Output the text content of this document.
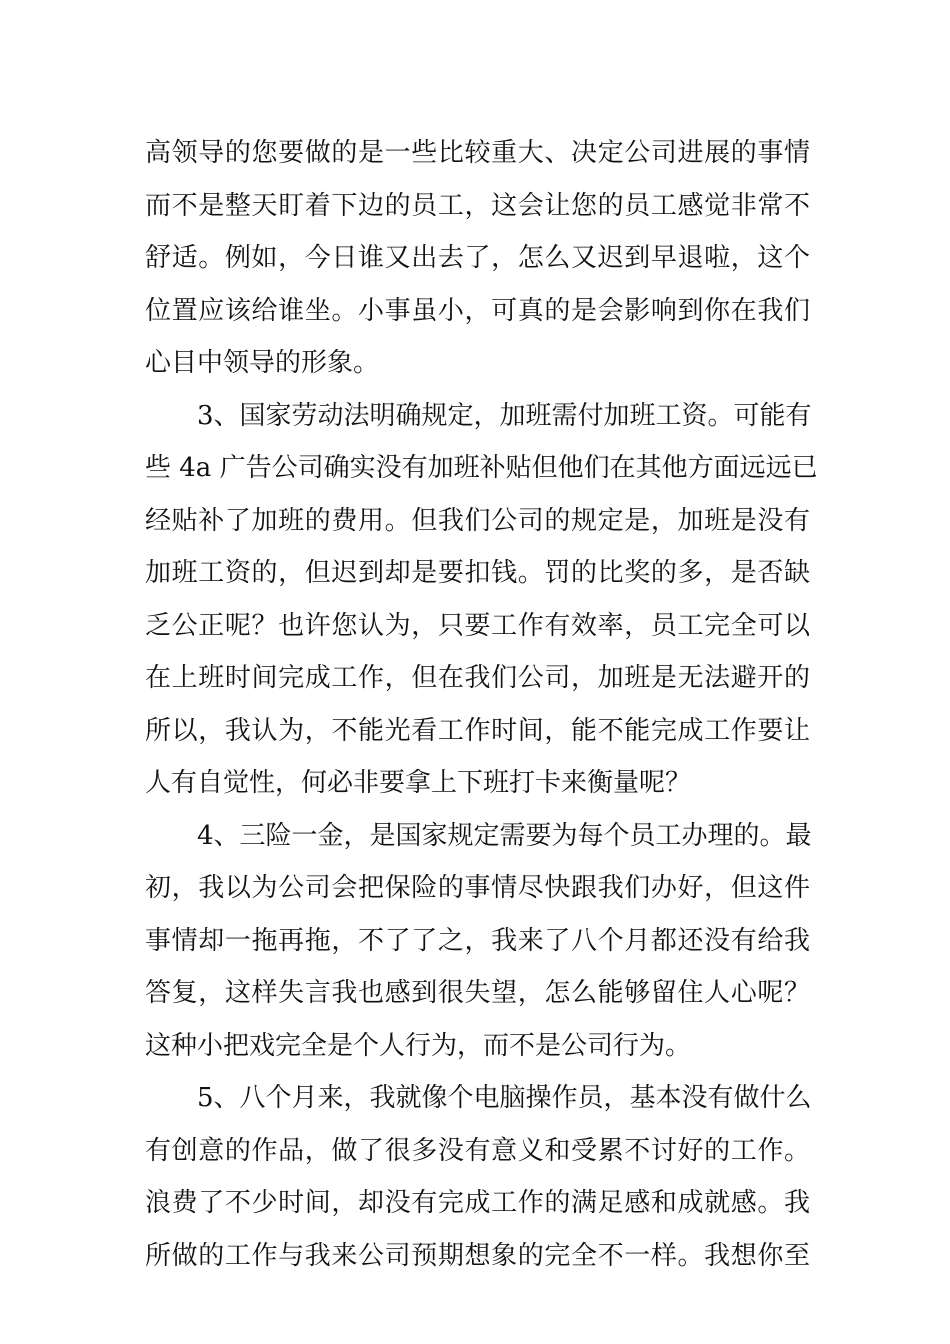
高领导的您要做的是一些比较重大、决定公司进展的事情
而不是整天盯着下边的员工，这会让您的员工感觉非常不
舒适。例如，今日谁又出去了，怎么又迟到早退啦，这个
位置应该给谁坐。小事虽小，可真的是会影响到你在我们
心目中领导的形象。
　　3、国家劳动法明确规定，加班需付加班工资。可能有
些 4a 广告公司确实没有加班补贴但他们在其他方面远远已
经贴补了加班的费用。但我们公司的规定是，加班是没有
加班工资的，但迟到却是要扣钱。罚的比奖的多，是否缺
乏公正呢？也许您认为，只要工作有效率，员工完全可以
在上班时间完成工作，但在我们公司，加班是无法避开的
所以，我认为，不能光看工作时间，能不能完成工作要让
人有自觉性，何必非要拿上下班打卡来衡量呢？
　　4、三险一金，是国家规定需要为每个员工办理的。最
初，我以为公司会把保险的事情尽快跟我们办好，但这件
事情却一拖再拖，不了了之，我来了八个月都还没有给我
答复，这样失言我也感到很失望，怎么能够留住人心呢？
这种小把戏完全是个人行为，而不是公司行为。
　　5、八个月来，我就像个电脑操作员，基本没有做什么
有创意的作品，做了很多没有意义和受累不讨好的工作。
浪费了不少时间，却没有完成工作的满足感和成就感。我
所做的工作与我来公司预期想象的完全不一样。我想你至
